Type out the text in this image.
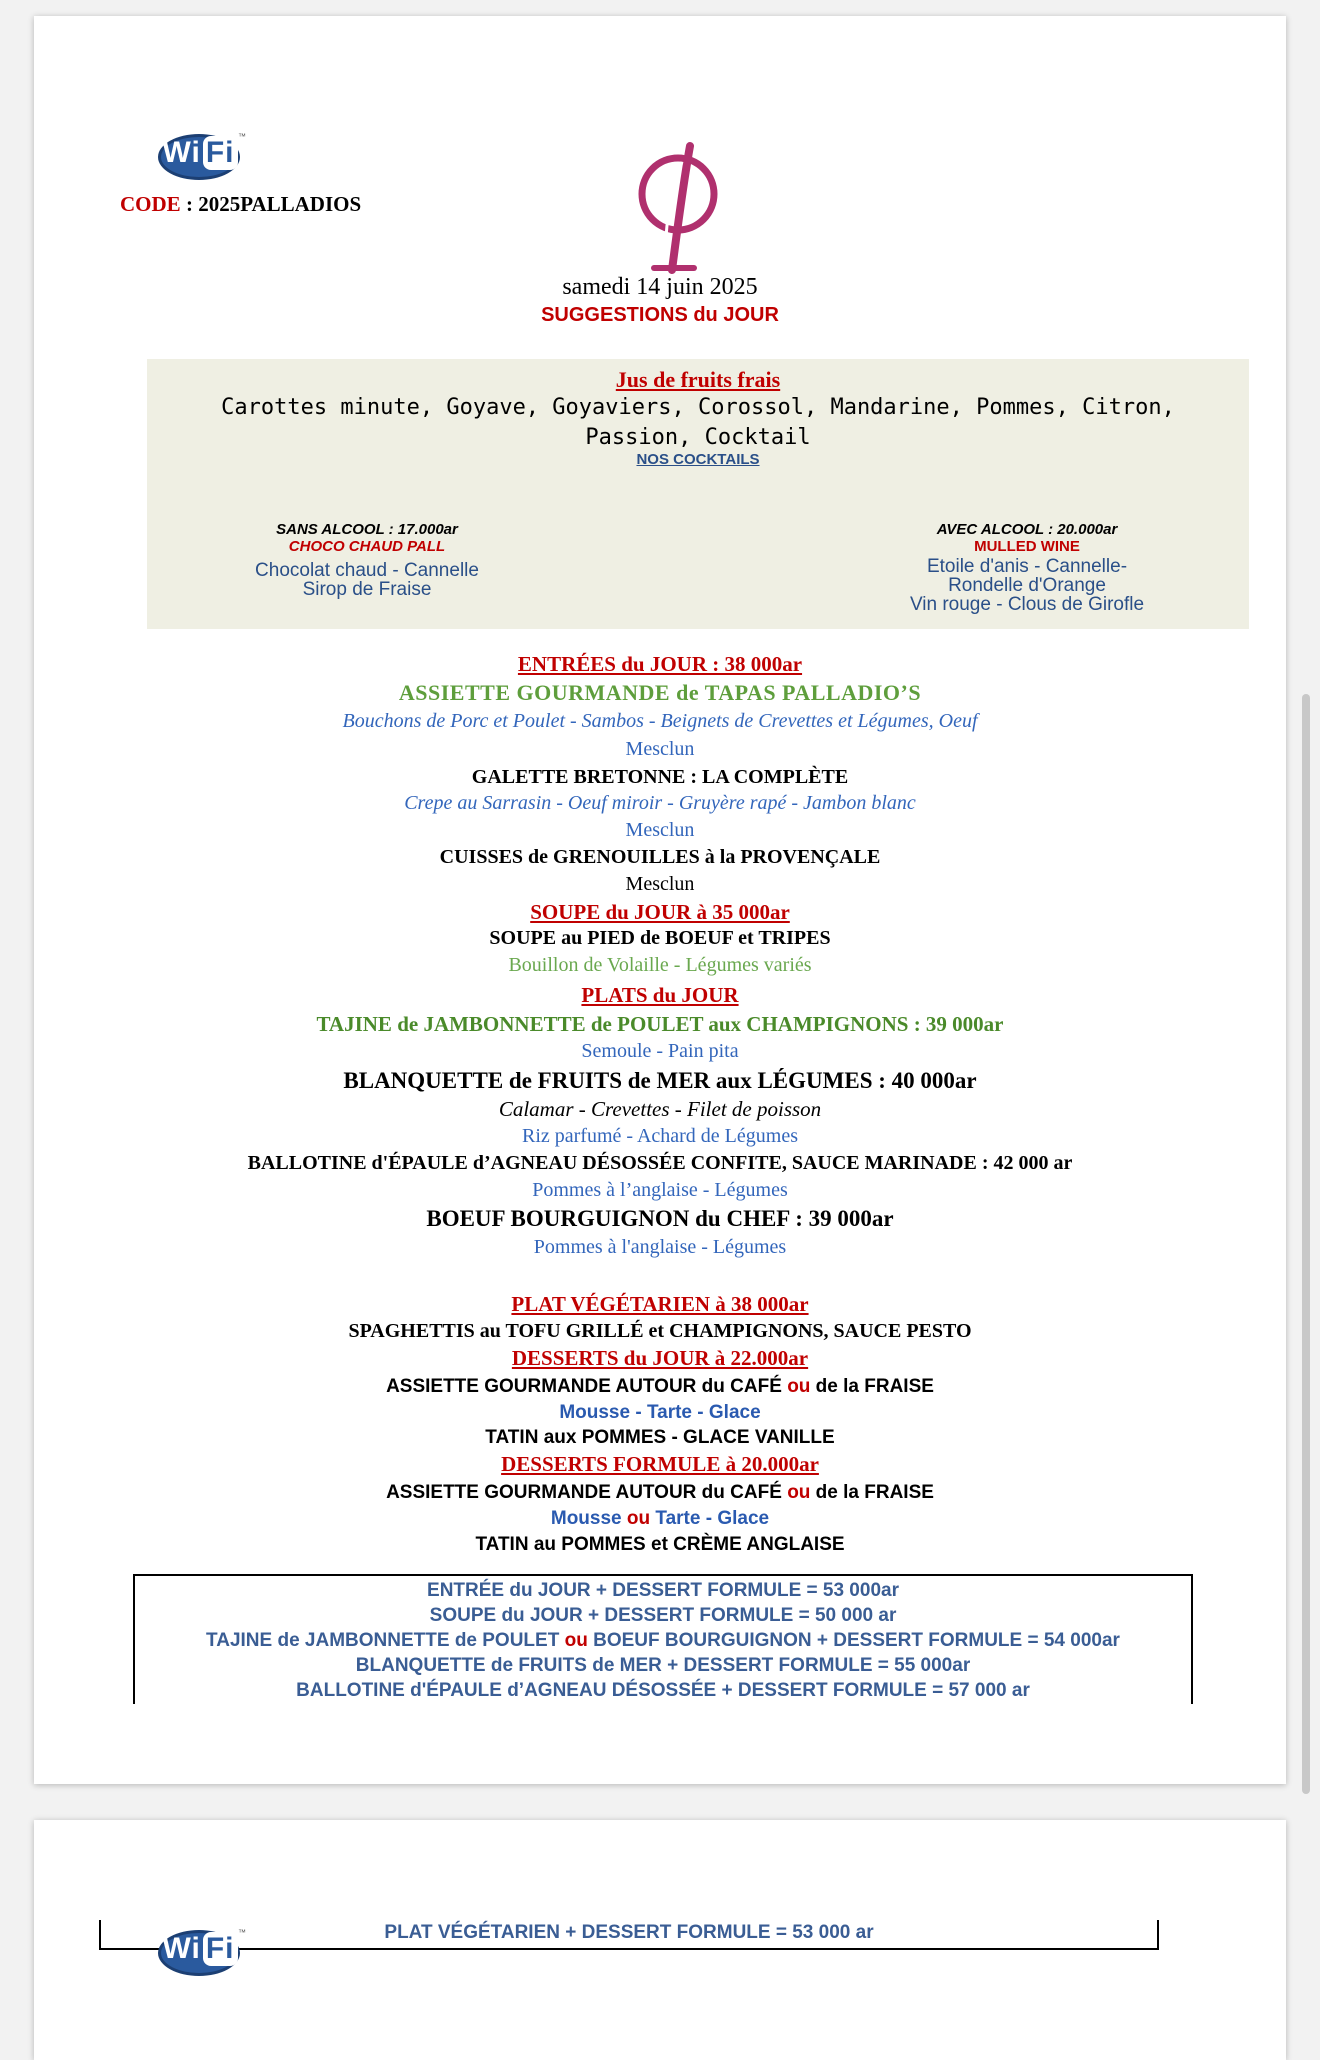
Wi Fi ™
CODE : 2025PALLADIOS
samedi 14 juin 2025
SUGGESTIONS du JOUR
Jus de fruits frais
Carottes minute, Goyave, Goyaviers, Corossol, Mandarine, Pommes, Citron,
Passion, Cocktail
NOS COCKTAILS
SANS ALCOOL : 17.000ar
CHOCO CHAUD PALL
Chocolat chaud - Cannelle
Sirop de Fraise
AVEC ALCOOL : 20.000ar
MULLED WINE
Etoile d'anis - Cannelle-
Rondelle d'Orange
Vin rouge - Clous de Girofle
ENTRÉES du JOUR : 38 000ar
ASSIETTE GOURMANDE de TAPAS PALLADIO’S
Bouchons de Porc et Poulet - Sambos - Beignets de Crevettes et Légumes, Oeuf
Mesclun
GALETTE BRETONNE : LA COMPLÈTE
Crepe au Sarrasin - Oeuf miroir - Gruyère rapé - Jambon blanc
Mesclun
CUISSES de GRENOUILLES à la PROVENÇALE
Mesclun
SOUPE du JOUR à 35 000ar
SOUPE au PIED de BOEUF et TRIPES
Bouillon de Volaille - Légumes variés
PLATS du JOUR
TAJINE de JAMBONNETTE de POULET aux CHAMPIGNONS : 39 000ar
Semoule - Pain pita
BLANQUETTE de FRUITS de MER aux LÉGUMES : 40 000ar
Calamar - Crevettes - Filet de poisson
Riz parfumé - Achard de Légumes
BALLOTINE d'ÉPAULE d’AGNEAU DÉSOSSÉE CONFITE, SAUCE MARINADE : 42 000 ar
Pommes à l’anglaise - Légumes
BOEUF BOURGUIGNON du CHEF : 39 000ar
Pommes à l'anglaise - Légumes
PLAT VÉGÉTARIEN à 38 000ar
SPAGHETTIS au TOFU GRILLÉ et CHAMPIGNONS, SAUCE PESTO
DESSERTS du JOUR à 22.000ar
ASSIETTE GOURMANDE AUTOUR du CAFÉ ou de la FRAISE
Mousse - Tarte - Glace
TATIN aux POMMES - GLACE VANILLE
DESSERTS FORMULE à 20.000ar
ASSIETTE GOURMANDE AUTOUR du CAFÉ ou de la FRAISE
Mousse ou Tarte - Glace
TATIN au POMMES et CRÈME ANGLAISE
ENTRÉE du JOUR + DESSERT FORMULE = 53 000ar
SOUPE du JOUR + DESSERT FORMULE = 50 000 ar
TAJINE de JAMBONNETTE de POULET ou BOEUF BOURGUIGNON + DESSERT FORMULE = 54 000ar
BLANQUETTE de FRUITS de MER + DESSERT FORMULE = 55 000ar
BALLOTINE d'ÉPAULE d’AGNEAU DÉSOSSÉE + DESSERT FORMULE = 57 000 ar
PLAT VÉGÉTARIEN + DESSERT FORMULE = 53 000 ar
Wi Fi ™
